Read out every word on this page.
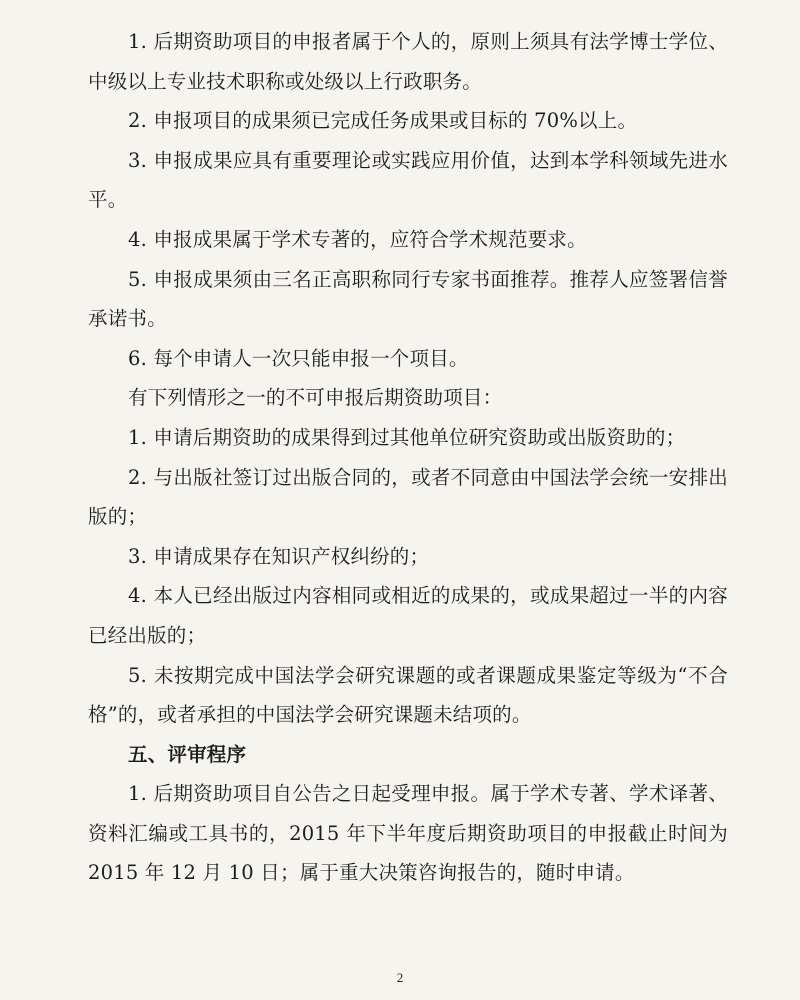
1. 后期资助项目的申报者属于个人的，原则上须具有法学博士学位、中级以上专业技术职称或处级以上行政职务。

2. 申报项目的成果须已完成任务成果或目标的 70%以上。

3. 申报成果应具有重要理论或实践应用价值，达到本学科领域先进水平。

4. 申报成果属于学术专著的，应符合学术规范要求。

5. 申报成果须由三名正高职称同行专家书面推荐。推荐人应签署信誉承诺书。

6. 每个申请人一次只能申报一个项目。

有下列情形之一的不可申报后期资助项目：

1. 申请后期资助的成果得到过其他单位研究资助或出版资助的；

2. 与出版社签订过出版合同的，或者不同意由中国法学会统一安排出版的；

3. 申请成果存在知识产权纠纷的；

4. 本人已经出版过内容相同或相近的成果的，或成果超过一半的内容已经出版的；

5. 未按期完成中国法学会研究课题的或者课题成果鉴定等级为“不合格”的，或者承担的中国法学会研究课题未结项的。

五、评审程序

1. 后期资助项目自公告之日起受理申报。属于学术专著、学术译著、资料汇编或工具书的，2015 年下半年度后期资助项目的申报截止时间为 2015 年 12 月 10 日；属于重大决策咨询报告的，随时申请。

2
